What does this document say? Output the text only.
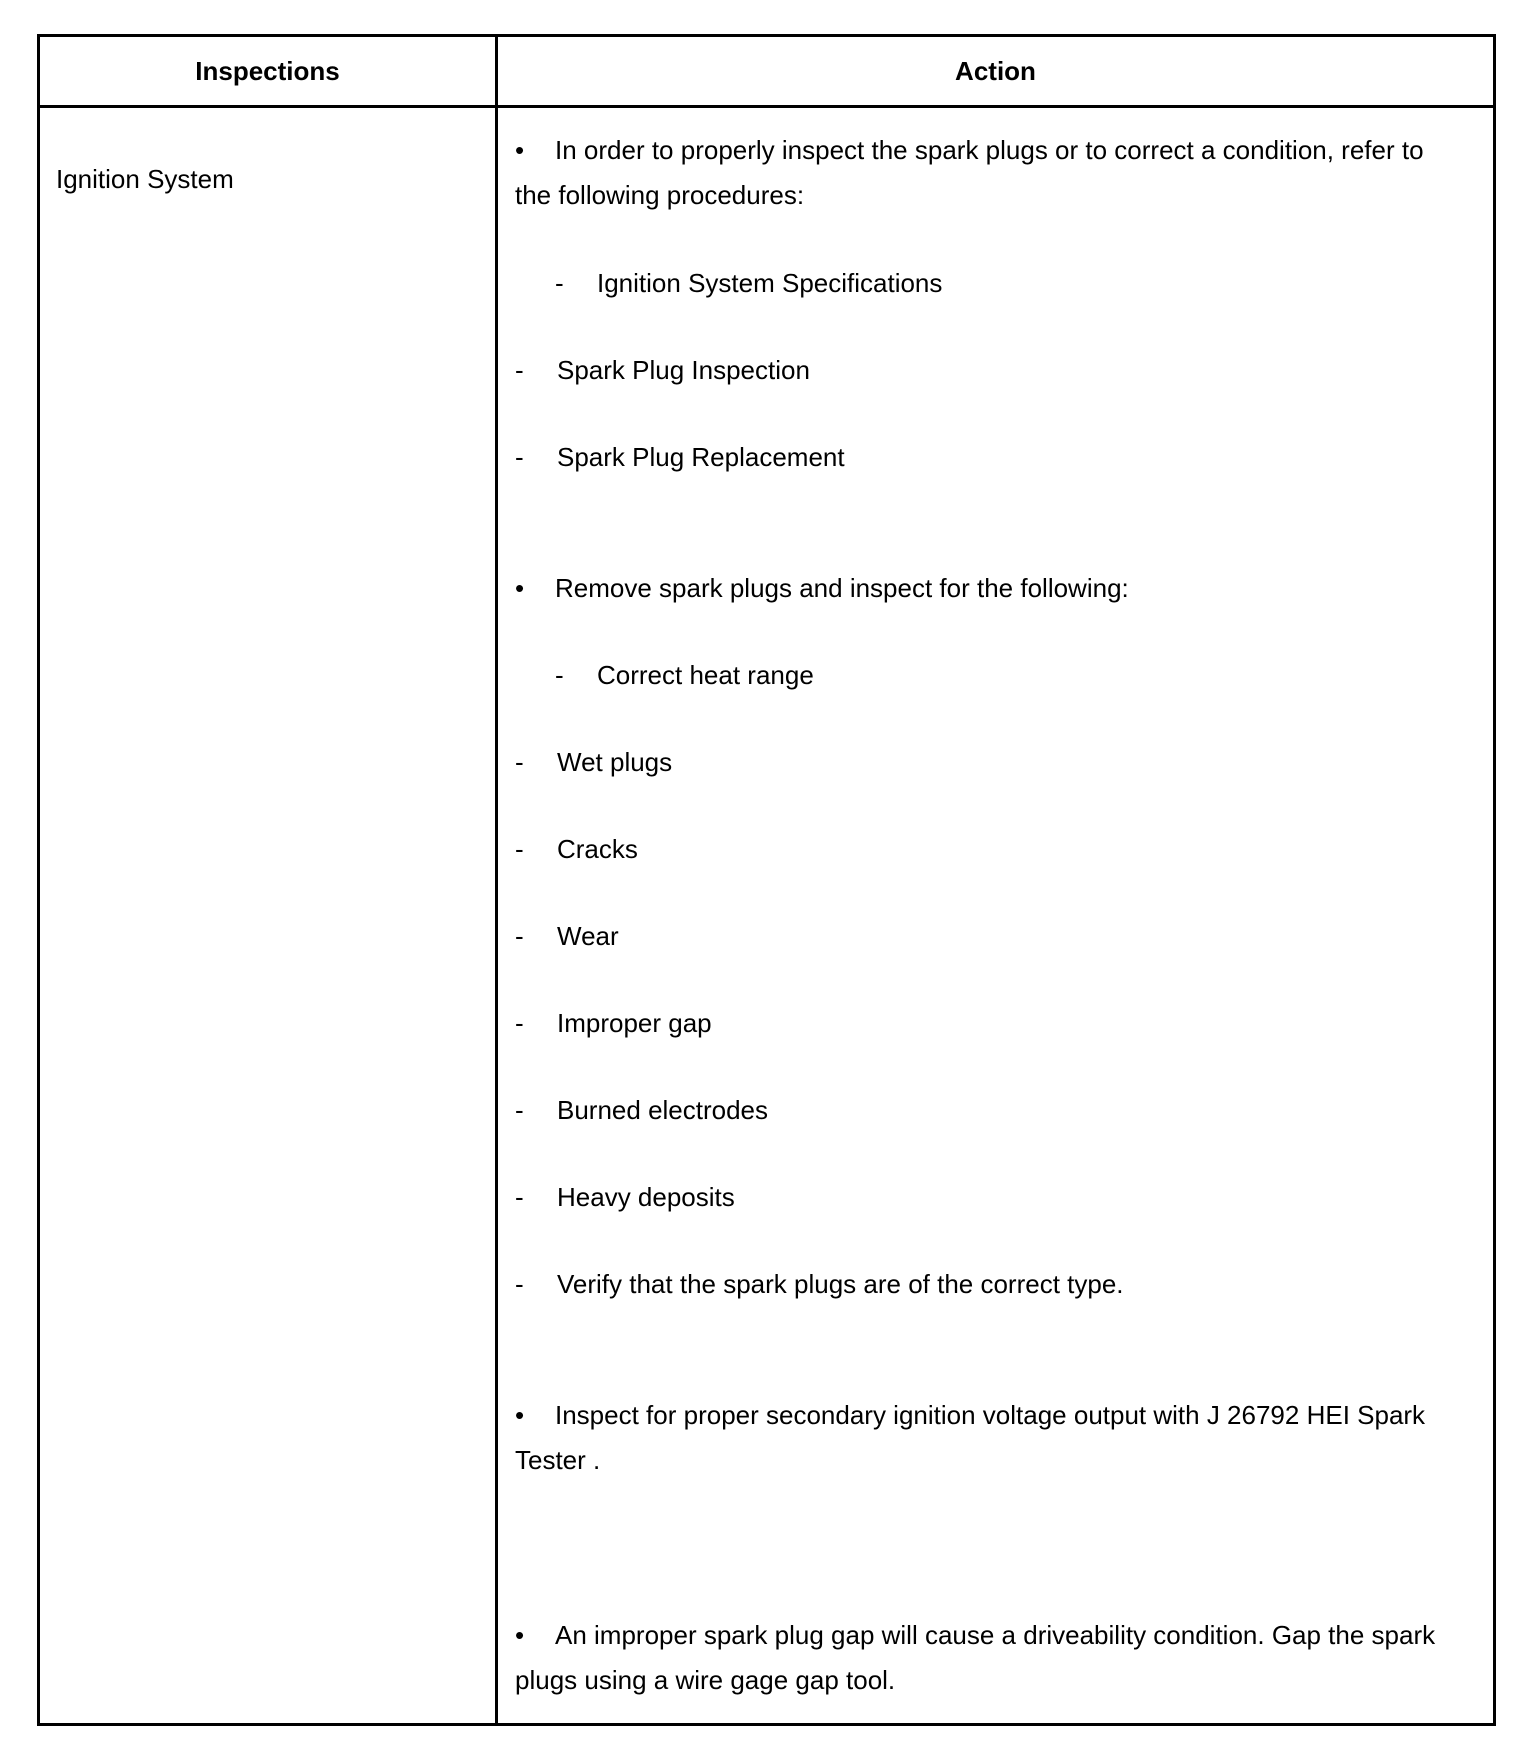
Inspections	Action
Ignition System
• In order to properly inspect the spark plugs or to correct a condition, refer to the following procedures:
- Ignition System Specifications
- Spark Plug Inspection
- Spark Plug Replacement
• Remove spark plugs and inspect for the following:
- Correct heat range
- Wet plugs
- Cracks
- Wear
- Improper gap
- Burned electrodes
- Heavy deposits
- Verify that the spark plugs are of the correct type.
• Inspect for proper secondary ignition voltage output with J 26792 HEI Spark Tester .
• An improper spark plug gap will cause a driveability condition. Gap the spark plugs using a wire gage gap tool.
